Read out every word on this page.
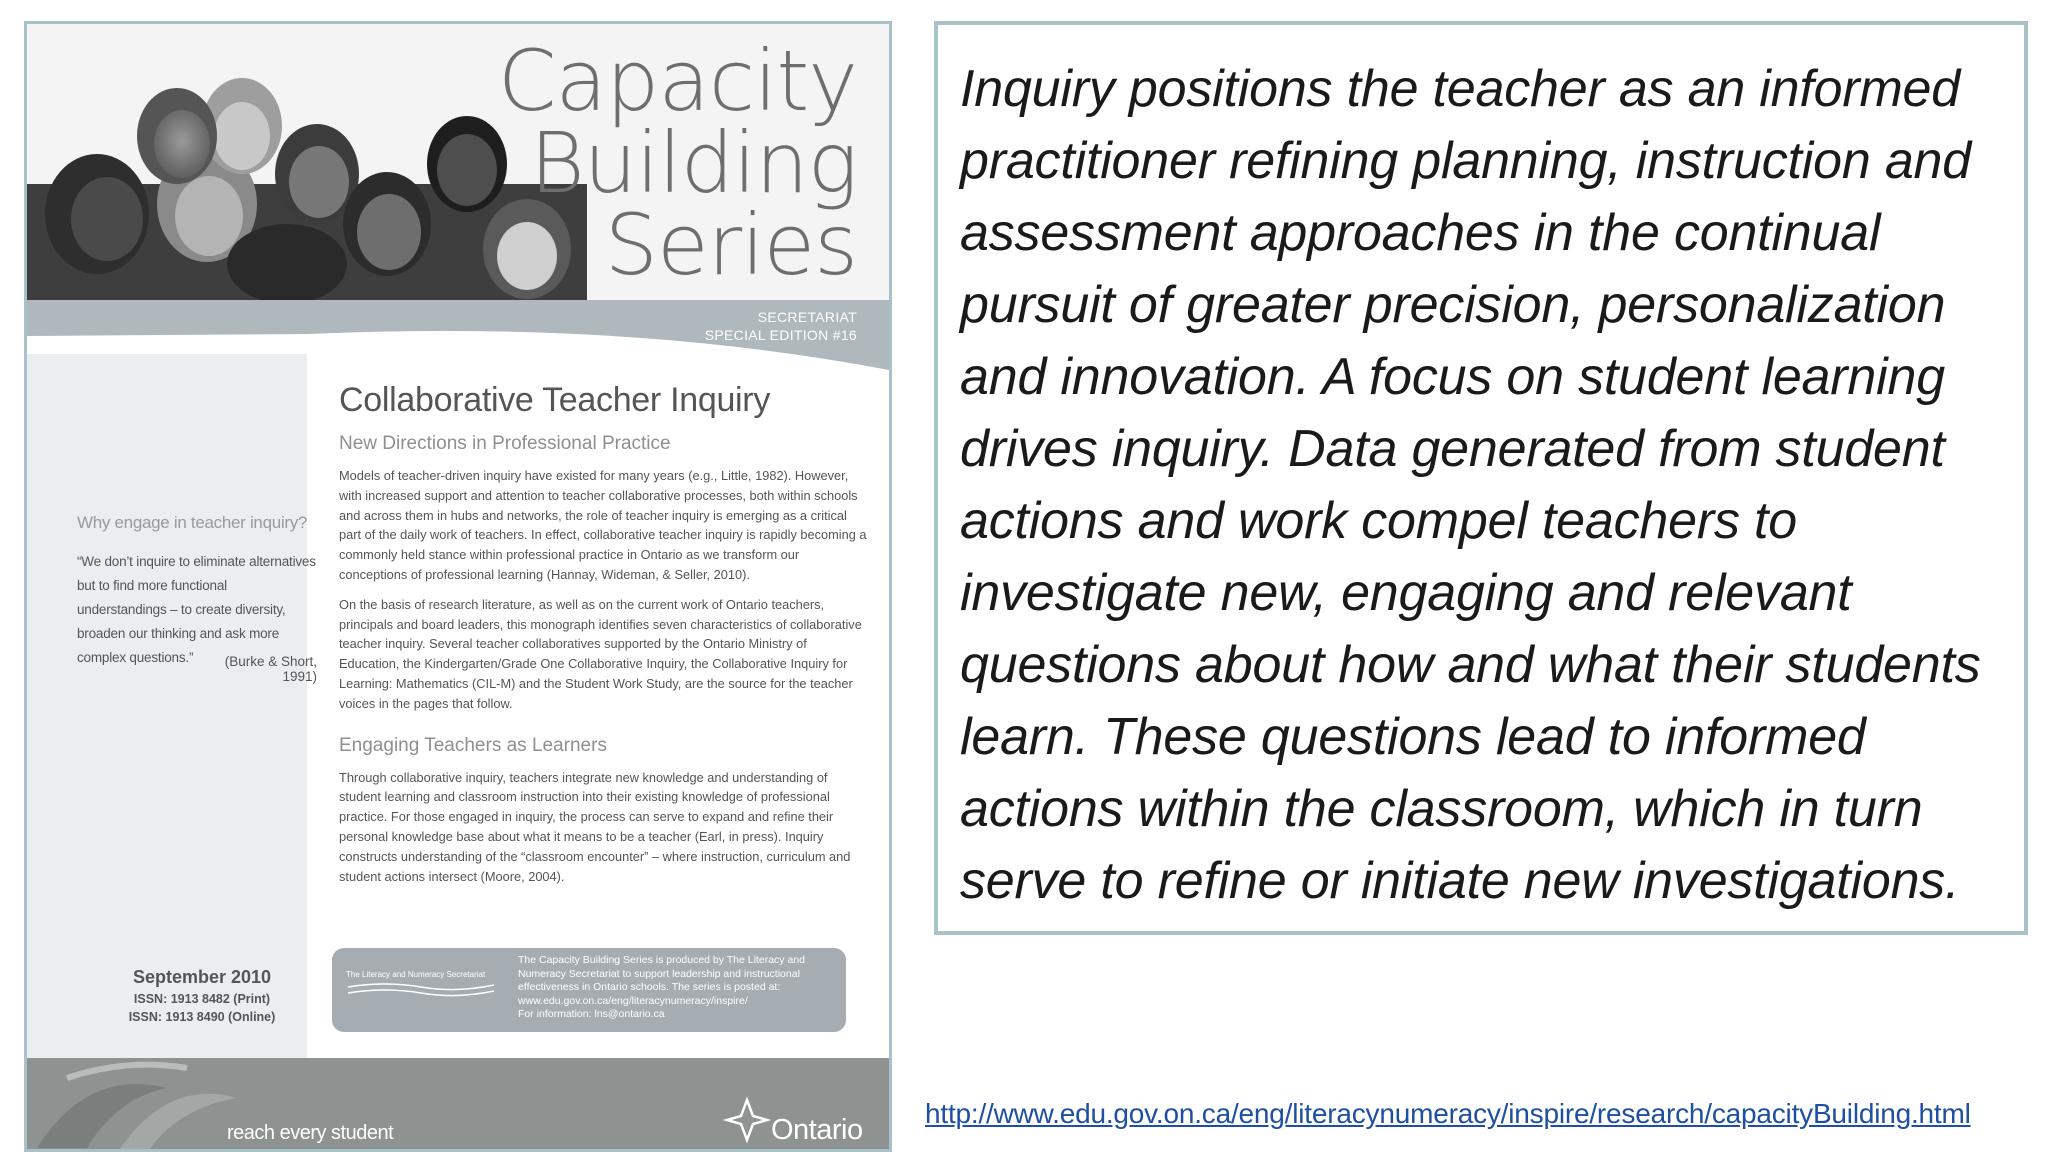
Capacity
Building
Series
SECRETARIAT
SPECIAL EDITION #16
Why engage in teacher inquiry?
“We don’t inquire to eliminate alternatives but to find more functional understandings – to create diversity, broaden our thinking and ask more complex questions.”	(Burke & Short, 1991)
September 2010
ISSN: 1913 8482 (Print)
ISSN: 1913 8490 (Online)
Collaborative Teacher Inquiry
New Directions in Professional Practice
Models of teacher-driven inquiry have existed for many years (e.g., Little, 1982). However, with increased support and attention to teacher collaborative processes, both within schools and across them in hubs and networks, the role of teacher inquiry is emerging as a critical part of the daily work of teachers. In effect, collaborative teacher inquiry is rapidly becoming a commonly held stance within professional practice in Ontario as we transform our conceptions of professional learning (Hannay, Wideman, & Seller, 2010).
On the basis of research literature, as well as on the current work of Ontario teachers, principals and board leaders, this monograph identifies seven characteristics of collaborative teacher inquiry. Several teacher collaboratives supported by the Ontario Ministry of Education, the Kindergarten/Grade One Collaborative Inquiry, the Collaborative Inquiry for Learning: Mathematics (CIL-M) and the Student Work Study, are the source for the teacher voices in the pages that follow.
Engaging Teachers as Learners
Through collaborative inquiry, teachers integrate new knowledge and understanding of student learning and classroom instruction into their existing knowledge of professional practice. For those engaged in inquiry, the process can serve to expand and refine their personal knowledge base about what it means to be a teacher (Earl, in press). Inquiry constructs understanding of the “classroom encounter” – where instruction, curriculum and student actions intersect (Moore, 2004).
The Literacy and Numeracy Secretariat
The Capacity Building Series is produced by The Literacy and
Numeracy Secretariat to support leadership and instructional
effectiveness in Ontario schools. The series is posted at:
www.edu.gov.on.ca/eng/literacynumeracy/inspire/
For information: lns@ontario.ca
reach every student	Ontario
Inquiry positions the teacher as an informed practitioner refining planning, instruction and assessment approaches in the continual pursuit of greater precision, personalization and innovation. A focus on student learning drives inquiry. Data generated from student actions and work compel teachers to investigate new, engaging and relevant questions about how and what their students learn. These questions lead to informed actions within the classroom, which in turn serve to refine or initiate new investigations.
http://www.edu.gov.on.ca/eng/literacynumeracy/inspire/research/capacityBuilding.html
